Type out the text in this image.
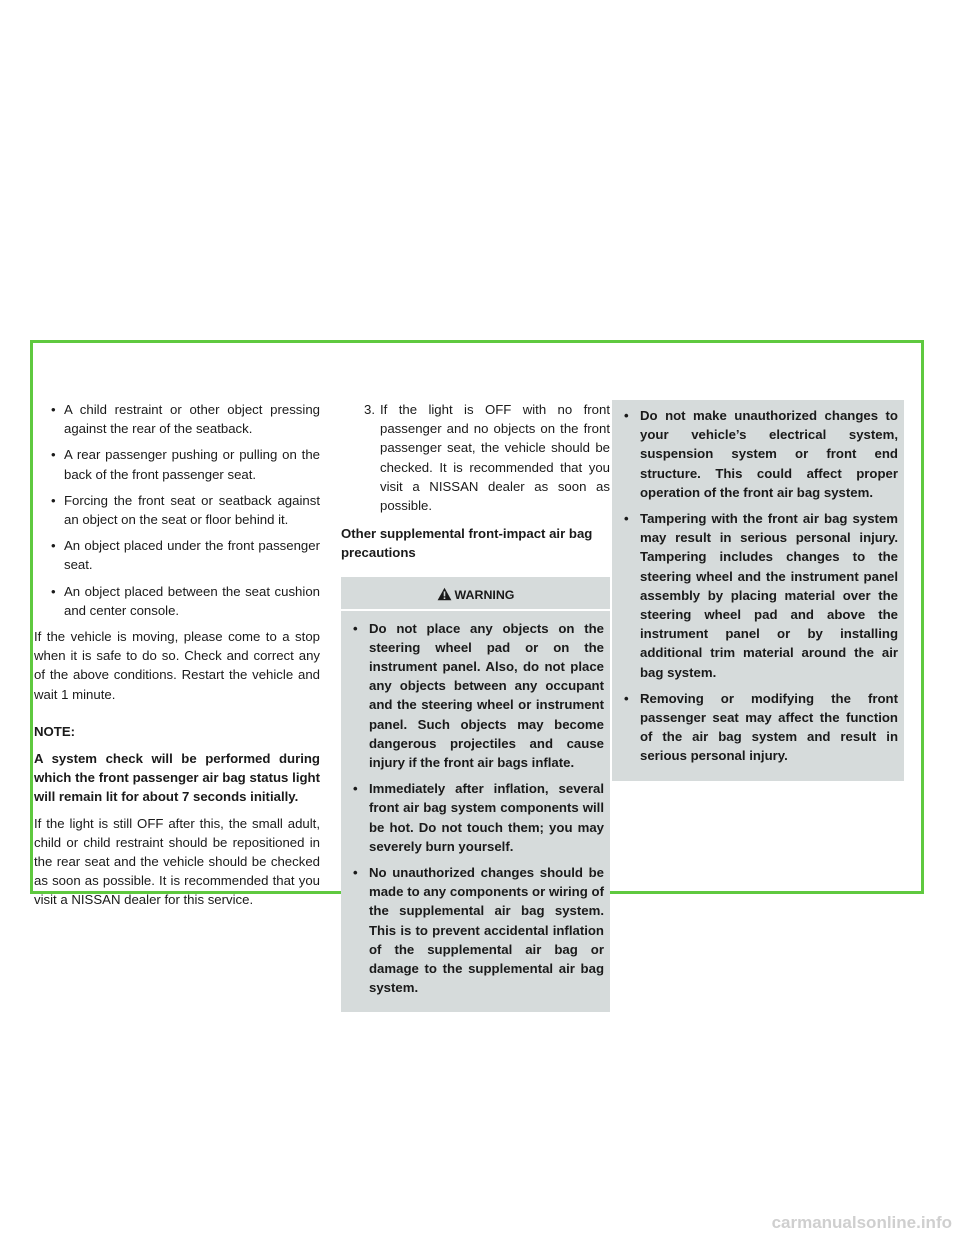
• A child restraint or other object pressing against the rear of the seatback.
• A rear passenger pushing or pulling on the back of the front passenger seat.
• Forcing the front seat or seatback against an object on the seat or floor behind it.
• An object placed under the front passenger seat.
• An object placed between the seat cushion and center console.

If the vehicle is moving, please come to a stop when it is safe to do so. Check and correct any of the above conditions. Restart the vehicle and wait 1 minute.

NOTE:

A system check will be performed during which the front passenger air bag status light will remain lit for about 7 seconds initially.

If the light is still OFF after this, the small adult, child or child restraint should be repositioned in the rear seat and the vehicle should be checked as soon as possible. It is recommended that you visit a NISSAN dealer for this service.

3. If the light is OFF with no front passenger and no objects on the front passenger seat, the vehicle should be checked. It is recommended that you visit a NISSAN dealer as soon as possible.

Other supplemental front-impact air bag precautions

WARNING
• Do not place any objects on the steering wheel pad or on the instrument panel. Also, do not place any objects between any occupant and the steering wheel or instrument panel. Such objects may become dangerous projectiles and cause injury if the front air bags inflate.
• Immediately after inflation, several front air bag system components will be hot. Do not touch them; you may severely burn yourself.
• No unauthorized changes should be made to any components or wiring of the supplemental air bag system. This is to prevent accidental inflation of the supplemental air bag or damage to the supplemental air bag system.
• Do not make unauthorized changes to your vehicle’s electrical system, suspension system or front end structure. This could affect proper operation of the front air bag system.
• Tampering with the front air bag system may result in serious personal injury. Tampering includes changes to the steering wheel and the instrument panel assembly by placing material over the steering wheel pad and above the instrument panel or by installing additional trim material around the air bag system.
• Removing or modifying the front passenger seat may affect the function of the air bag system and result in serious personal injury.
carmanualsonline.info
